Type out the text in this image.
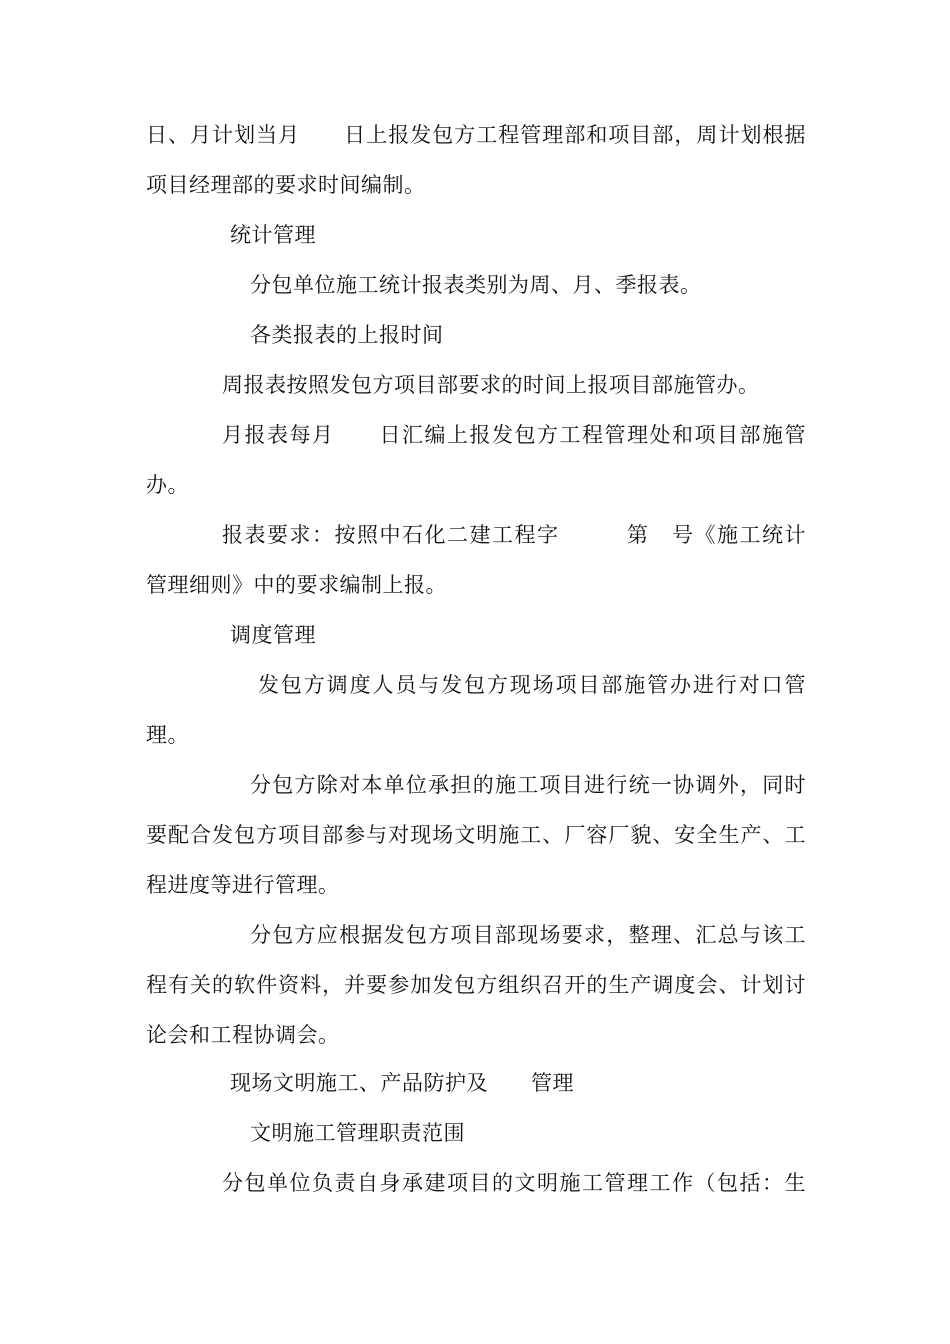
日、月计划当月　　日上报发包方工程管理部和项目部，周计划根据
项目经理部的要求时间编制。
统计管理
分包单位施工统计报表类别为周、月、季报表。
各类报表的上报时间
周报表按照发包方项目部要求的时间上报项目部施管办。
月报表每月　　日汇编上报发包方工程管理处和项目部施管
办。
报表要求：按照中石化二建工程字　　　第　号《施工统计
管理细则》中的要求编制上报。
调度管理
发包方调度人员与发包方现场项目部施管办进行对口管
理。
分包方除对本单位承担的施工项目进行统一协调外，同时
要配合发包方项目部参与对现场文明施工、厂容厂貌、安全生产、工
程进度等进行管理。
分包方应根据发包方项目部现场要求，整理、汇总与该工
程有关的软件资料，并要参加发包方组织召开的生产调度会、计划讨
论会和工程协调会。
现场文明施工、产品防护及　　管理
文明施工管理职责范围
分包单位负责自身承建项目的文明施工管理工作（包括：生
